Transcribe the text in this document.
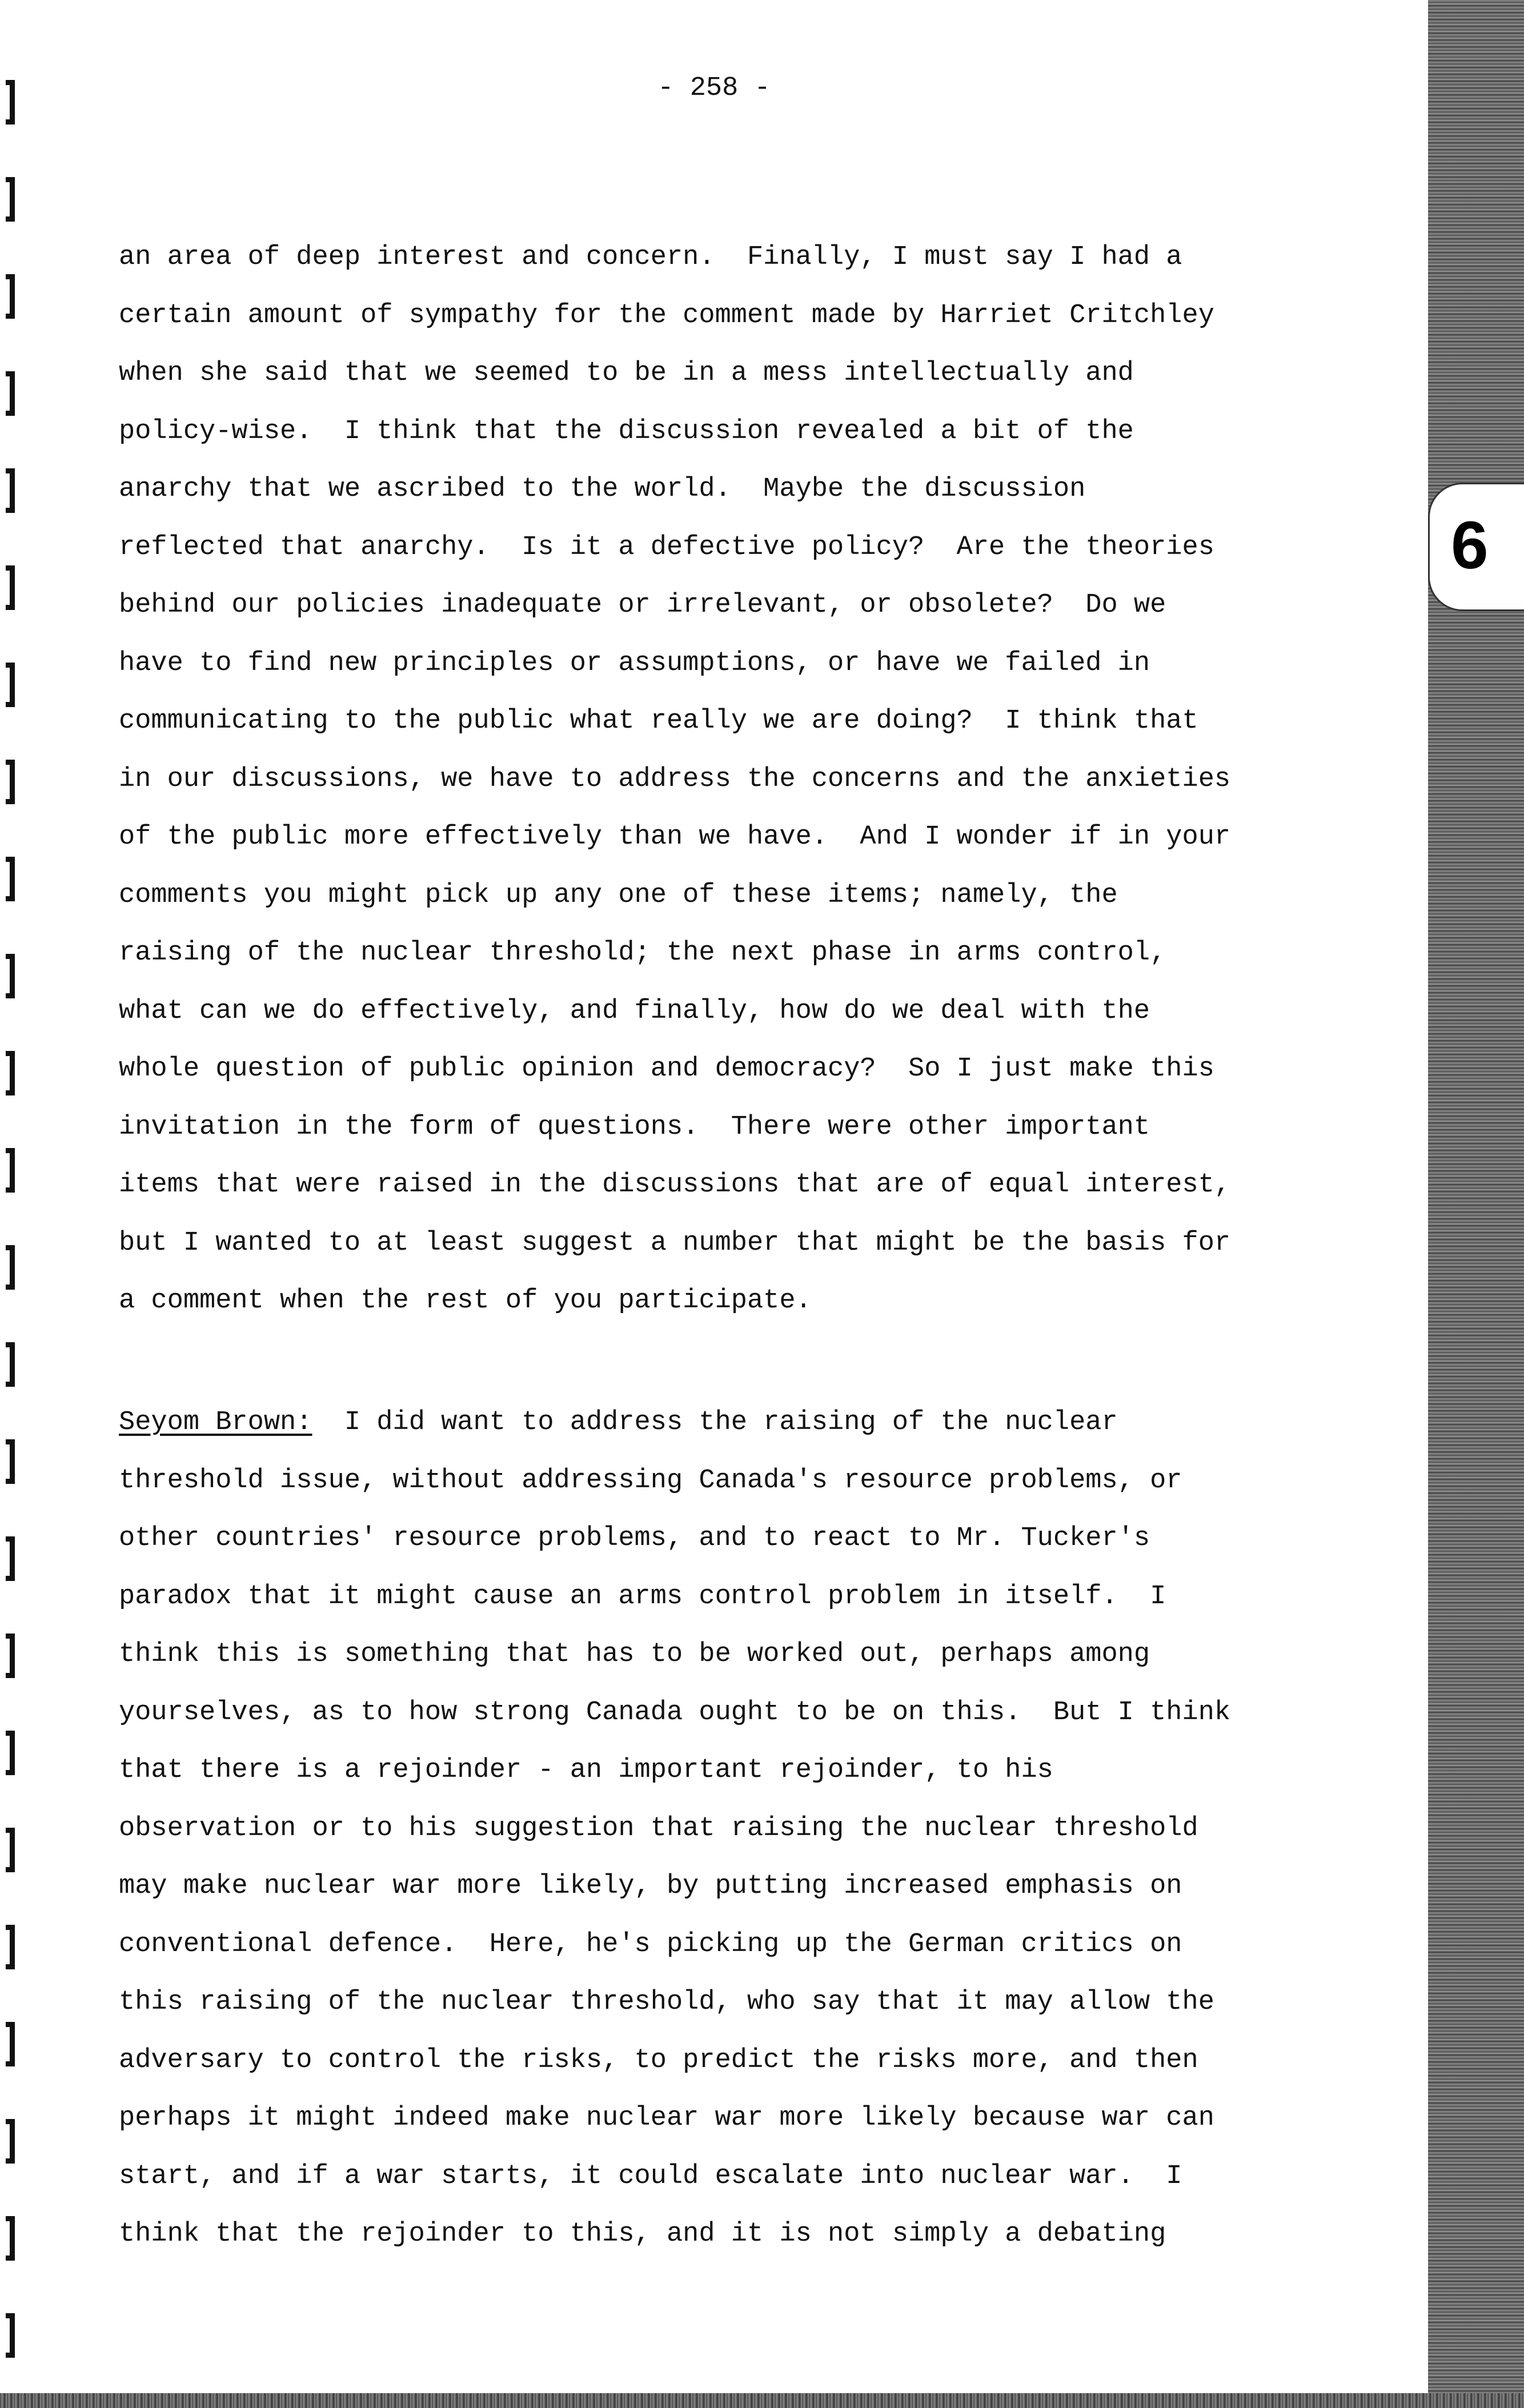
6
- 258 -
an area of deep interest and concern.  Finally, I must say I had a
certain amount of sympathy for the comment made by Harriet Critchley
when she said that we seemed to be in a mess intellectually and
policy-wise.  I think that the discussion revealed a bit of the
anarchy that we ascribed to the world.  Maybe the discussion
reflected that anarchy.  Is it a defective policy?  Are the theories
behind our policies inadequate or irrelevant, or obsolete?  Do we
have to find new principles or assumptions, or have we failed in
communicating to the public what really we are doing?  I think that
in our discussions, we have to address the concerns and the anxieties
of the public more effectively than we have.  And I wonder if in your
comments you might pick up any one of these items; namely, the
raising of the nuclear threshold; the next phase in arms control,
what can we do effectively, and finally, how do we deal with the
whole question of public opinion and democracy?  So I just make this
invitation in the form of questions.  There were other important
items that were raised in the discussions that are of equal interest,
but I wanted to at least suggest a number that might be the basis for
a comment when the rest of you participate.
Seyom Brown:  I did want to address the raising of the nuclear
threshold issue, without addressing Canada's resource problems, or
other countries' resource problems, and to react to Mr. Tucker's
paradox that it might cause an arms control problem in itself.  I
think this is something that has to be worked out, perhaps among
yourselves, as to how strong Canada ought to be on this.  But I think
that there is a rejoinder - an important rejoinder, to his
observation or to his suggestion that raising the nuclear threshold
may make nuclear war more likely, by putting increased emphasis on
conventional defence.  Here, he's picking up the German critics on
this raising of the nuclear threshold, who say that it may allow the
adversary to control the risks, to predict the risks more, and then
perhaps it might indeed make nuclear war more likely because war can
start, and if a war starts, it could escalate into nuclear war.  I
think that the rejoinder to this, and it is not simply a debating
